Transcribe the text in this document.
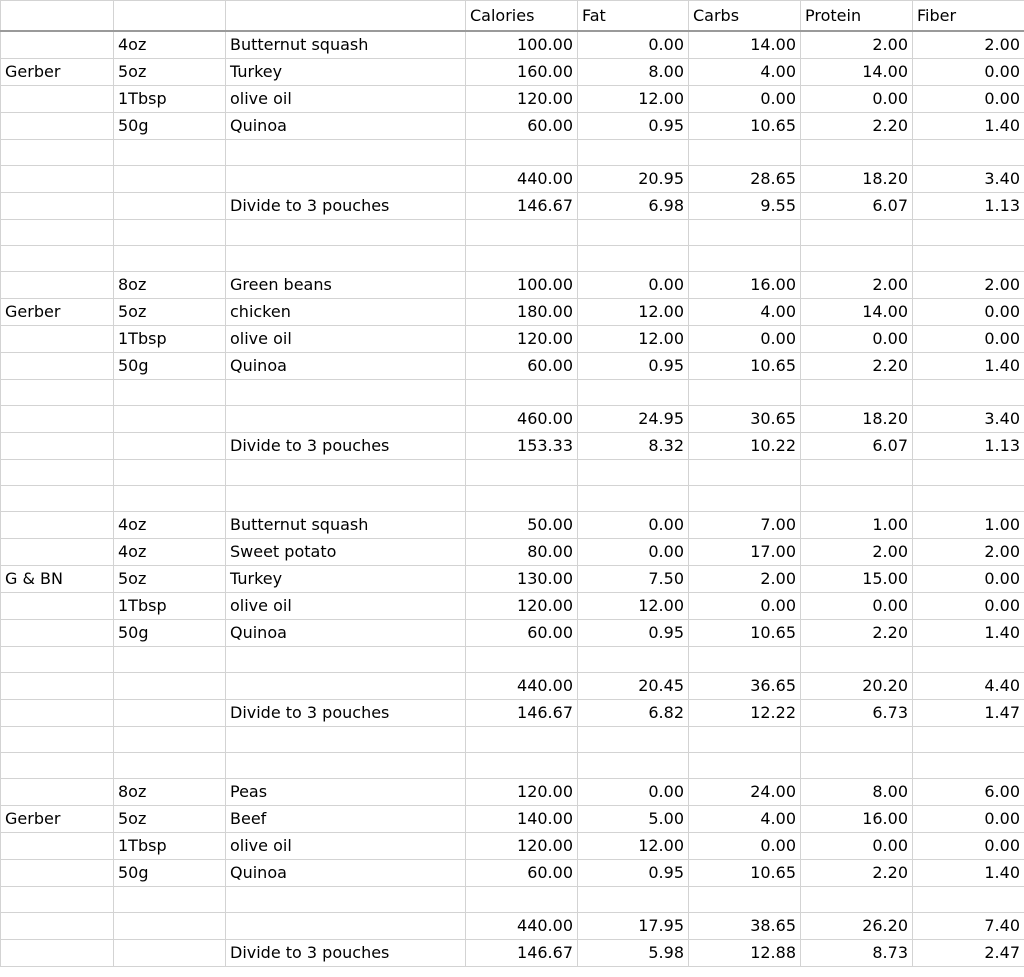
			Calories	Fat	Carbs	Protein	Fiber
	4oz	Butternut squash	100.00	0.00	14.00	2.00	2.00
Gerber	5oz	Turkey	160.00	8.00	4.00	14.00	0.00
	1Tbsp	olive oil	120.00	12.00	0.00	0.00	0.00
	50g	Quinoa	60.00	0.95	10.65	2.20	1.40

			440.00	20.95	28.65	18.20	3.40
		Divide to 3 pouches	146.67	6.98	9.55	6.07	1.13

	8oz	Green beans	100.00	0.00	16.00	2.00	2.00
Gerber	5oz	chicken	180.00	12.00	4.00	14.00	0.00
	1Tbsp	olive oil	120.00	12.00	0.00	0.00	0.00
	50g	Quinoa	60.00	0.95	10.65	2.20	1.40

			460.00	24.95	30.65	18.20	3.40
		Divide to 3 pouches	153.33	8.32	10.22	6.07	1.13

	4oz	Butternut squash	50.00	0.00	7.00	1.00	1.00
	4oz	Sweet potato	80.00	0.00	17.00	2.00	2.00
G & BN	5oz	Turkey	130.00	7.50	2.00	15.00	0.00
	1Tbsp	olive oil	120.00	12.00	0.00	0.00	0.00
	50g	Quinoa	60.00	0.95	10.65	2.20	1.40

			440.00	20.45	36.65	20.20	4.40
		Divide to 3 pouches	146.67	6.82	12.22	6.73	1.47

	8oz	Peas	120.00	0.00	24.00	8.00	6.00
Gerber	5oz	Beef	140.00	5.00	4.00	16.00	0.00
	1Tbsp	olive oil	120.00	12.00	0.00	0.00	0.00
	50g	Quinoa	60.00	0.95	10.65	2.20	1.40

			440.00	17.95	38.65	26.20	7.40
		Divide to 3 pouches	146.67	5.98	12.88	8.73	2.47
